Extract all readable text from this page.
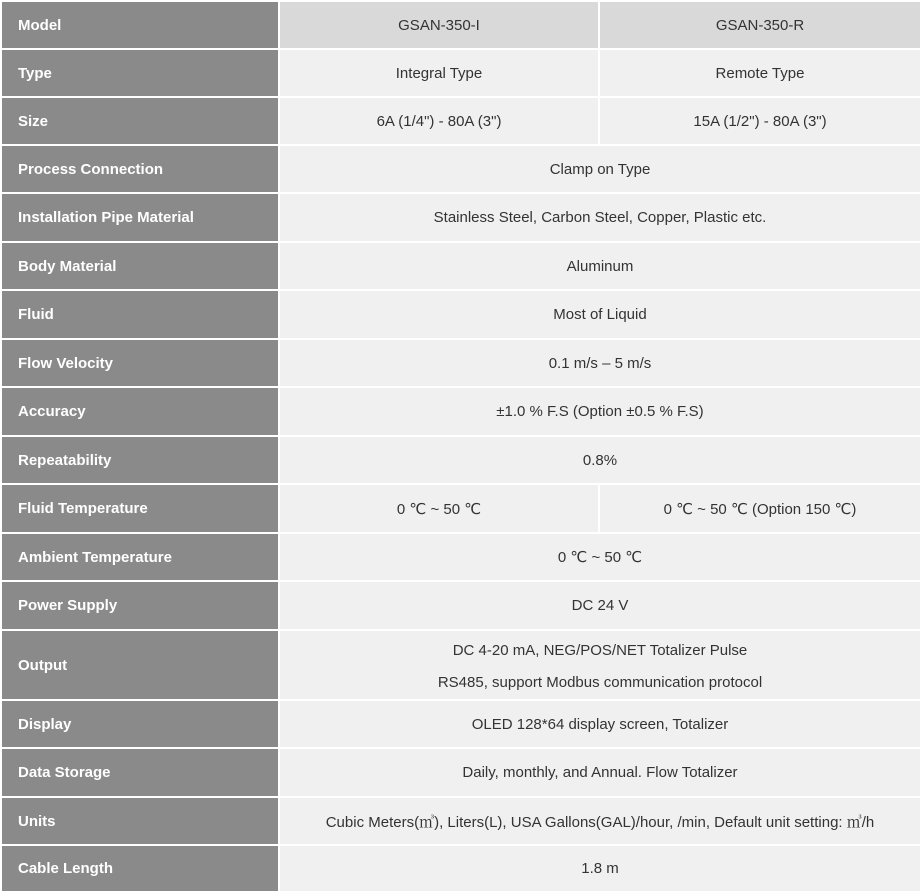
Model	GSAN-350-I	GSAN-350-R
Type	Integral Type	Remote Type
Size	6A (1/4") - 80A (3")	15A (1/2") - 80A (3")
Process Connection	Clamp on Type	
Installation Pipe Material	Stainless Steel, Carbon Steel, Copper, Plastic etc.	
Body Material	Aluminum	
Fluid	Most of Liquid	
Flow Velocity	0.1 m/s – 5 m/s	
Accuracy	±1.0 % F.S (Option ±0.5 % F.S)	
Repeatability	0.8%	
Fluid Temperature	0 ℃ ~ 50 ℃	0 ℃ ~ 50 ℃ (Option 150 ℃)
Ambient Temperature	0 ℃ ~ 50 ℃	
Power Supply	DC 24 V	
Output	DC 4-20 mA, NEG/POS/NET Totalizer Pulse
RS485, support Modbus communication protocol	

Display	OLED 128*64 display screen, Totalizer	
Data Storage	Daily, monthly, and Annual. Flow Totalizer	
Units	Cubic Meters(㎥), Liters(L), USA Gallons(GAL)/hour, /min, Default unit setting: ㎥/h	
Cable Length	1.8 m	
